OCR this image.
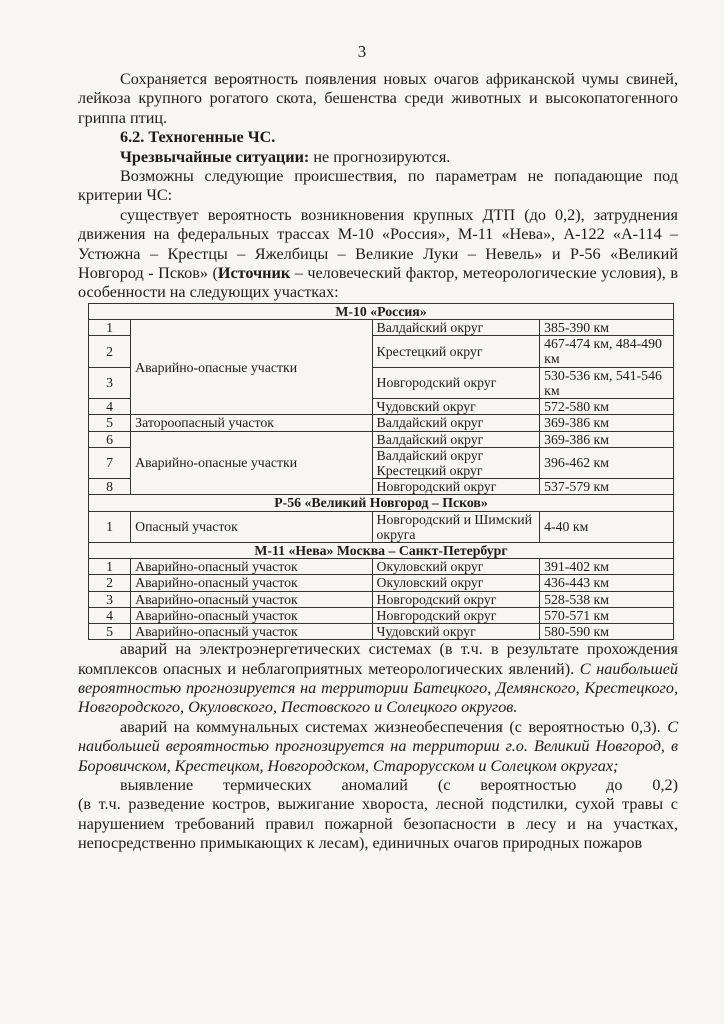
3

Сохраняется вероятность появления новых очагов африканской чумы свиней, лейкоза крупного рогатого скота, бешенства среди животных и высокопатогенного гриппа птиц.

6.2. Техногенные ЧС.

Чрезвычайные ситуации: не прогнозируются.

Возможны следующие происшествия, по параметрам не попадающие под критерии ЧС:

существует вероятность возникновения крупных ДТП (до 0,2), затруднения движения на федеральных трассах М-10 «Россия», М-11 «Нева», А-122 «А-114 – Устюжна – Крестцы – Яжелбицы – Великие Луки – Невель» и Р-56 «Великий Новгород - Псков» (Источник – человеческий фактор, метеорологические условия), в особенности на следующих участках:

М-10 «Россия»			
1	Аварийно-опасные участки	Валдайский округ	385-390 км
2		Крестецкий округ	467-474 км, 484-490 км
3		Новгородский округ	530-536 км, 541-546 км
4		Чудовский округ	572-580 км
5	Заторoопасный участок	Валдайский округ	369-386 км
6	Аварийно-опасные участки	Валдайский округ	369-386 км
7		Валдайский округ Крестецкий округ	396-462 км
8		Новгородский округ	537-579 км
Р-56 «Великий Новгород – Псков»			
1	Опасный участок	Новгородский и Шимский округа	4-40 км
М-11 «Нева» Москва – Санкт-Петербург			
1	Аварийно-опасный участок	Окуловский округ	391-402 км
2	Аварийно-опасный участок	Окуловский округ	436-443 км
3	Аварийно-опасный участок	Новгородский округ	528-538 км
4	Аварийно-опасный участок	Новгородский округ	570-571 км
5	Аварийно-опасный участок	Чудовский округ	580-590 км

аварий на электроэнергетических системах (в т.ч. в результате прохождения комплексов опасных и неблагоприятных метеорологических явлений). С наибольшей вероятностью прогнозируется на территории Батецкого, Демянского, Крестецкого, Новгородского, Окуловского, Пестовского и Солецкого округов.

аварий на коммунальных системах жизнеобеспечения (с вероятностью 0,3). С наибольшей вероятностью прогнозируется на территории г.о. Великий Новгород, в Боровичском, Крестецком, Новгородском, Старорусском и Солецком округах;

выявление термических аномалий (с вероятностью до 0,2)

(в т.ч. разведение костров, выжигание хвороста, лесной подстилки, сухой травы с нарушением требований правил пожарной безопасности в лесу и на участках, непосредственно примыкающих к лесам), единичных очагов природных пожаров
